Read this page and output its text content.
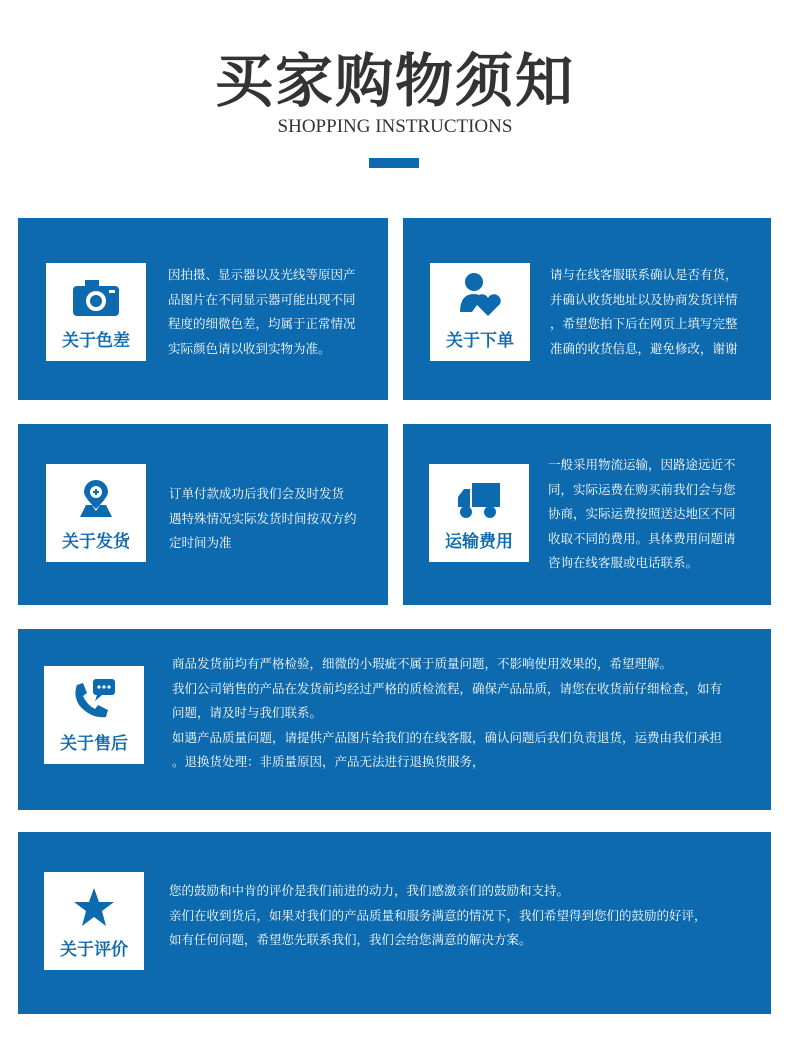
买家购物须知
SHOPPING INSTRUCTIONS
关于色差
因拍摄、显示器以及光线等原因产
品图片在不同显示器可能出现不同
程度的细微色差，均属于正常情况
实际颜色请以收到实物为准。	关于下单
请与在线客服联系确认是否有货，
并确认收货地址以及协商发货详情
，希望您拍下后在网页上填写完整
准确的收货信息，避免修改，谢谢
关于发货
订单付款成功后我们会及时发货
遇特殊情况实际发货时间按双方约
定时间为准	运输费用
一般采用物流运输，因路途远近不
同，实际运费在购买前我们会与您
协商，实际运费按照送达地区不同
收取不同的费用。具体费用问题请
咨询在线客服或电话联系。
关于售后
商品发货前均有严格检验，细微的小瑕疵不属于质量问题，不影响使用效果的，希望理解。
我们公司销售的产品在发货前均经过严格的质检流程，确保产品品质，请您在收货前仔细检查，如有
问题，请及时与我们联系。
如遇产品质量问题，请提供产品图片给我们的在线客服，确认问题后我们负责退货，运费由我们承担
。退换货处理：非质量原因，产品无法进行退换货服务，
关于评价
您的鼓励和中肯的评价是我们前进的动力，我们感激亲们的鼓励和支持。
亲们在收到货后，如果对我们的产品质量和服务满意的情况下，我们希望得到您们的鼓励的好评，
如有任何问题，希望您先联系我们，我们会给您满意的解决方案。
